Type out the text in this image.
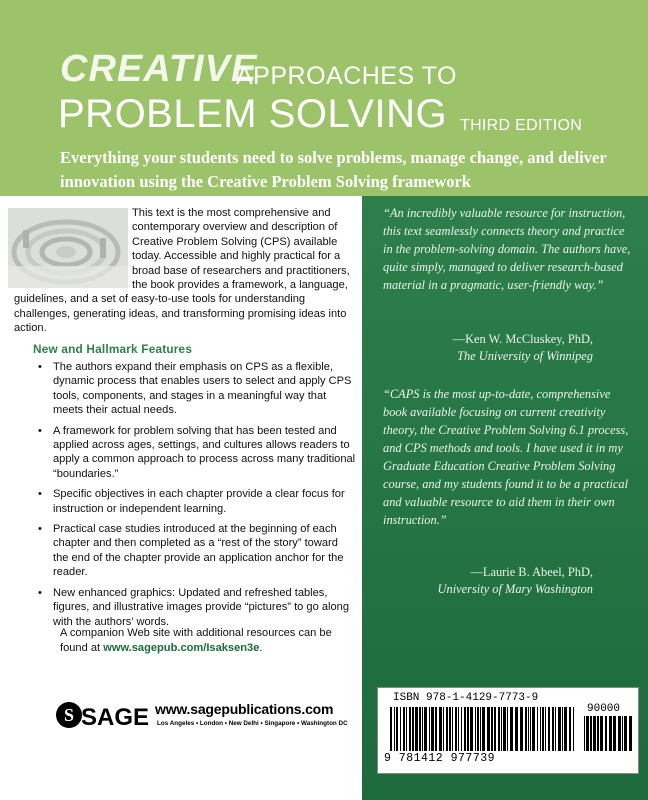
CREATIVE
APPROACHES TO
PROBLEM SOLVING THIRD EDITION
Everything your students need to solve problems, manage change, and deliver innovation using the Creative Problem Solving framework

“An incredibly valuable resource for instruction, this text seamlessly connects theory and practice in the problem-solving domain. The authors have, quite simply, managed to deliver research-based material in a pragmatic, user-friendly way.”

—Ken W. McCluskey, PhD,
The University of Winnipeg

“CAPS is the most up-to-date, comprehensive book available focusing on current creativity theory, the Creative Problem Solving 6.1 process, and CPS methods and tools. I have used it in my Graduate Education Creative Problem Solving course, and my students found it to be a practical and valuable resource to aid them in their own instruction.”

—Laurie B. Abeel, PhD,
University of Mary Washington

This text is the most comprehensive and contemporary overview and description of Creative Problem Solving (CPS) available today. Accessible and highly practical for a broad base of researchers and practitioners, the book provides a framework, a language, guidelines, and a set of easy-to-use tools for understanding challenges, generating ideas, and transforming promising ideas into action.

New and Hallmark Features
• The authors expand their emphasis on CPS as a flexible, dynamic process that enables users to select and apply CPS tools, components, and stages in a meaningful way that meets their actual needs.
• A framework for problem solving that has been tested and applied across ages, settings, and cultures allows readers to apply a common approach to process across many traditional “boundaries.”
• Specific objectives in each chapter provide a clear focus for instruction or independent learning.
• Practical case studies introduced at the beginning of each chapter and then completed as a “rest of the story” toward the end of the chapter provide an application anchor for the reader.
• New enhanced graphics: Updated and refreshed tables, figures, and illustrative images provide “pictures” to go along with the authors’ words.

A companion Web site with additional resources can be found at www.sagepub.com/Isaksen3e.

S SAGE www.sagepublications.com
Los Angeles • London • New Delhi • Singapore • Washington DC
ISBN 978-1-4129-7773-9
90000
9 781412 977739
